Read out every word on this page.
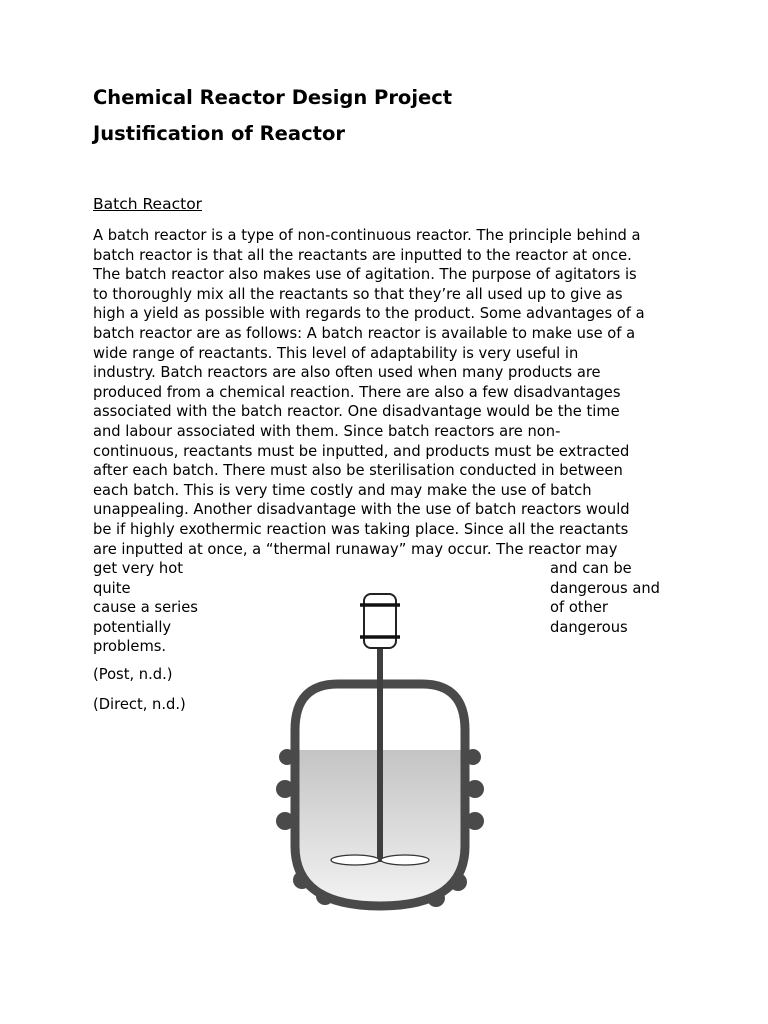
Chemical Reactor Design Project
Justification of Reactor
Batch Reactor
A batch reactor is a type of non-continuous reactor. The principle behind a
batch reactor is that all the reactants are inputted to the reactor at once.
The batch reactor also makes use of agitation. The purpose of agitators is
to thoroughly mix all the reactants so that they’re all used up to give as
high a yield as possible with regards to the product. Some advantages of a
batch reactor are as follows: A batch reactor is available to make use of a
wide range of reactants. This level of adaptability is very useful in
industry. Batch reactors are also often used when many products are
produced from a chemical reaction. There are also a few disadvantages
associated with the batch reactor. One disadvantage would be the time
and labour associated with them. Since batch reactors are non-
continuous, reactants must be inputted, and products must be extracted
after each batch. There must also be sterilisation conducted in between
each batch. This is very time costly and may make the use of batch
unappealing. Another disadvantage with the use of batch reactors would
be if highly exothermic reaction was taking place. Since all the reactants
are inputted at once, a “thermal runaway” may occur. The reactor may
get very hot	and can be
quite	dangerous and
cause a series	of other
potentially	dangerous
problems.
(Post, n.d.)
(Direct, n.d.)
